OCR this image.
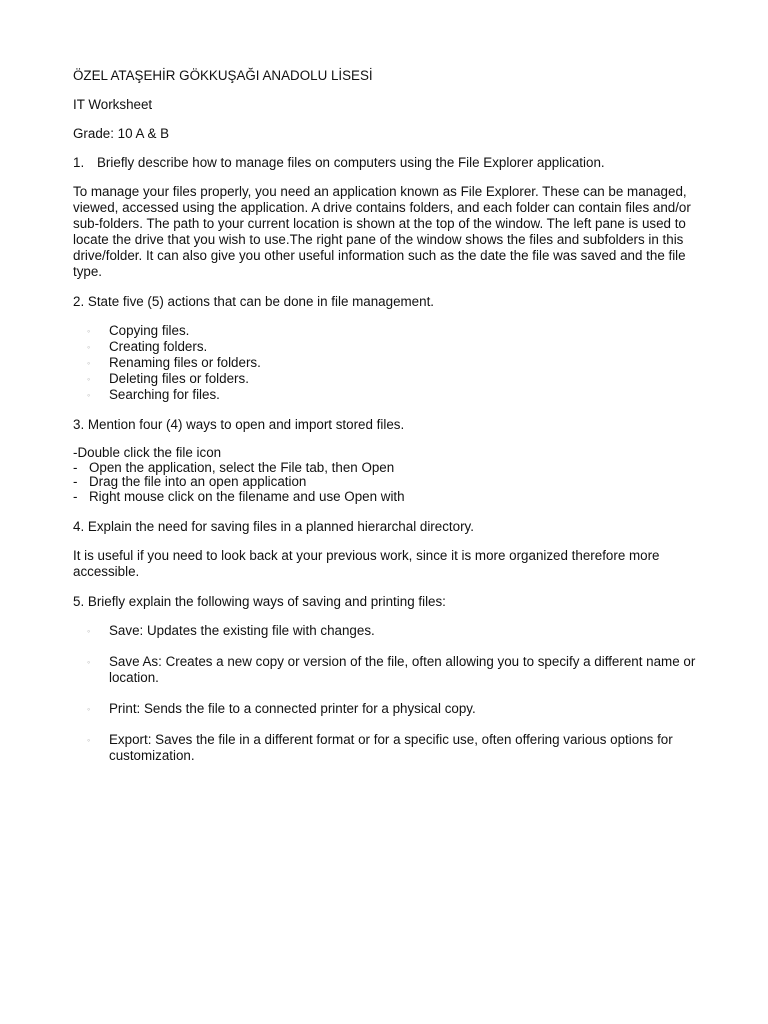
ÖZEL ATAŞEHİR GÖKKUŞAĞI ANADOLU LİSESİ

IT Worksheet

Grade: 10 A & B

1. Briefly describe how to manage files on computers using the File Explorer application.

To manage your files properly, you need an application known as File Explorer. These can be managed, viewed, accessed using the application. A drive contains folders, and each folder can contain files and/or sub-folders. The path to your current location is shown at the top of the window. The left pane is used to locate the drive that you wish to use.The right pane of the window shows the files and subfolders in this drive/folder. It can also give you other useful information such as the date the file was saved and the file type.

2. State five (5) actions that can be done in file management.

◦ Copying files.
◦ Creating folders.
◦ Renaming files or folders.
◦ Deleting files or folders.
◦ Searching for files.

3. Mention four (4) ways to open and import stored files.

-Double click the file icon

- Open the application, select the File tab, then Open
- Drag the file into an open application
- Right mouse click on the filename and use Open with

4. Explain the need for saving files in a planned hierarchal directory.

It is useful if you need to look back at your previous work, since it is more organized therefore more accessible.

5. Briefly explain the following ways of saving and printing files:

◦ Save: Updates the existing file with changes.
◦ Save As: Creates a new copy or version of the file, often allowing you to specify a different name or location.
◦ Print: Sends the file to a connected printer for a physical copy.
◦ Export: Saves the file in a different format or for a specific use, often offering various options for customization.
